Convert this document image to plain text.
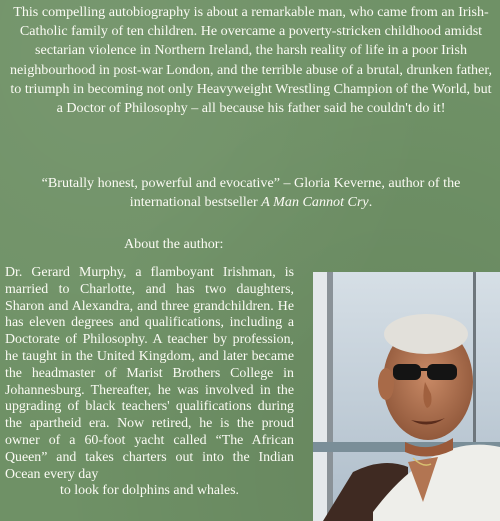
This compelling autobiography is about a remarkable man, who came from an Irish-Catholic family of ten children. He overcame a poverty-stricken childhood amidst sectarian violence in Northern Ireland, the harsh reality of life in a poor Irish neighbourhood in post-war London, and the terrible abuse of a brutal, drunken father, to triumph in becoming not only Heavyweight Wrestling Champion of the World, but a Doctor of Philosophy – all because his father said he couldn't do it!
“Brutally honest, powerful and evocative” – Gloria Keverne, author of the international bestseller A Man Cannot Cry.
About the author:
Dr. Gerard Murphy, a flamboyant Irishman, is married to Charlotte, and has two daughters, Sharon and Alexandra, and three grandchildren. He has eleven degrees and qualifications, including a Doctorate of Philosophy. A teacher by profession, he taught in the United Kingdom, and later became the headmaster of Marist Brothers College in Johannesburg. Thereafter, he was involved in the upgrading of black teachers' qualifications during the apartheid era. Now retired, he is the proud owner of a 60-foot yacht called “The African Queen” and takes charters out into the Indian Ocean every day
to look for dolphins and whales.
